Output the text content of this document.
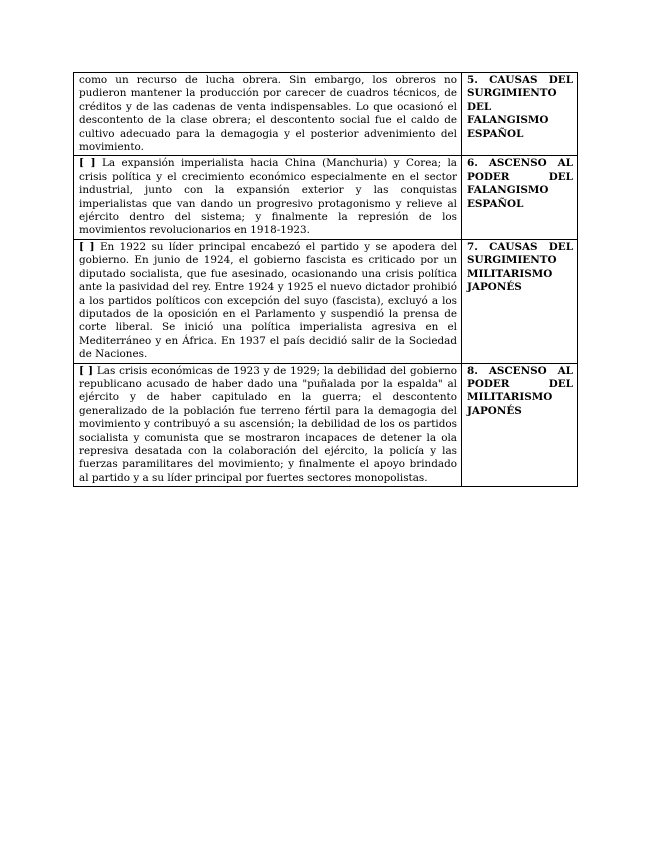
como un recurso de lucha obrera. Sin embargo, los obreros no pudieron mantener la producción por carecer de cuadros técnicos, de créditos y de las cadenas de venta indispensables. Lo que ocasionó el descontento de la clase obrera; el descontento social fue el caldo de cultivo adecuado para la demagogia y el posterior advenimiento del movimiento.	5. CAUSAS DEL SURGIMIENTO DEL FALANGISMO ESPAÑOL
[ ] La expansión imperialista hacia China (Manchuria) y Corea; la crisis política y el crecimiento económico especialmente en el sector industrial, junto con la expansión exterior y las conquistas imperialistas que van dando un progresivo protagonismo y relieve al ejército dentro del sistema; y finalmente la represión de los movimientos revolucionarios en 1918-1923.	6. ASCENSO AL PODER DEL FALANGISMO ESPAÑOL
[ ] En 1922 su líder principal encabezó el partido y se apodera del gobierno. En junio de 1924, el gobierno fascista es criticado por un diputado socialista, que fue asesinado, ocasionando una crisis política ante la pasividad del rey. Entre 1924 y 1925 el nuevo dictador prohibió a los partidos políticos con excepción del suyo (fascista), excluyó a los diputados de la oposición en el Parlamento y suspendió la prensa de corte liberal. Se inició una política imperialista agresiva en el Mediterráneo y en África. En 1937 el país decidió salir de la Sociedad de Naciones.	7. CAUSAS DEL SURGIMIENTO MILITARISMO JAPONÉS
[ ] Las crisis económicas de 1923 y de 1929; la debilidad del gobierno republicano acusado de haber dado una "puñalada por la espalda" al ejército y de haber capitulado en la guerra; el descontento generalizado de la población fue terreno fértil para la demagogia del movimiento y contribuyó a su ascensión; la debilidad de los os partidos socialista y comunista que se mostraron incapaces de detener la ola represiva desatada con la colaboración del ejército, la policía y las fuerzas paramilitares del movimiento; y finalmente el apoyo brindado al partido y a su líder principal por fuertes sectores monopolistas.	8. ASCENSO AL PODER DEL MILITARISMO JAPONÉS
